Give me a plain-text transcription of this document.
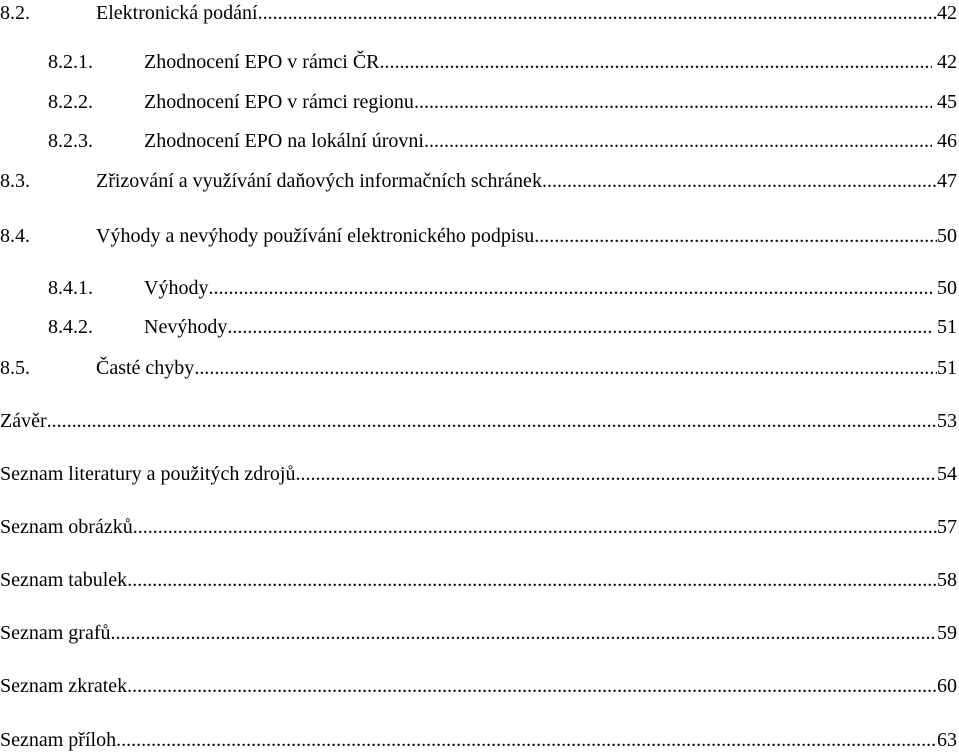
8.2.	Elektronická podání .....	42
8.2.1.	Zhodnocení EPO v rámci ČR .....	42
8.2.2.	Zhodnocení EPO v rámci regionu .....	45
8.2.3.	Zhodnocení EPO na lokální úrovni .....	46
8.3.	Zřizování a využívání daňových informačních schránek .....	47
8.4.	Výhody a nevýhody používání elektronického podpisu .....	50
8.4.1.	Výhody .....	50
8.4.2.	Nevýhody .....	51
8.5.	Časté chyby .....	51
Závěr .....	53
Seznam literatury a použitých zdrojů .....	54
Seznam obrázků .....	57
Seznam tabulek .....	58
Seznam grafů .....	59
Seznam zkratek .....	60
Seznam příloh .....	63
